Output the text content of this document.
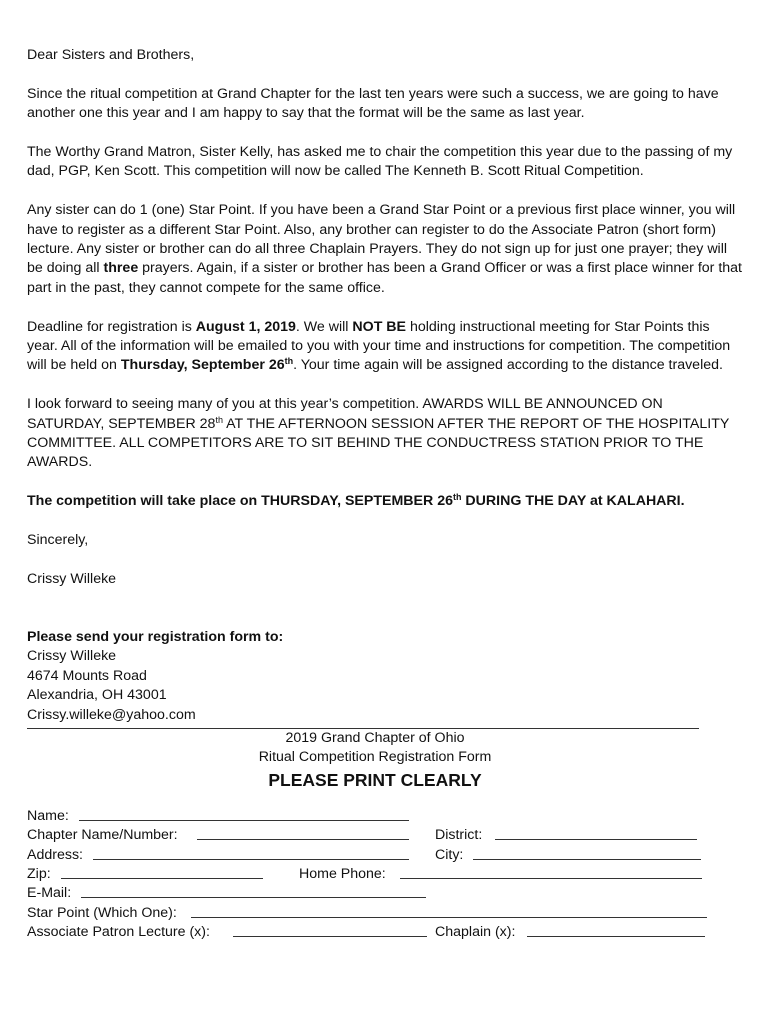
Dear Sisters and Brothers,

Since the ritual competition at Grand Chapter for the last ten years were such a success, we are going to have another one this year and I am happy to say that the format will be the same as last year.

The Worthy Grand Matron, Sister Kelly, has asked me to chair the competition this year due to the passing of my dad, PGP, Ken Scott. This competition will now be called The Kenneth B. Scott Ritual Competition.

Any sister can do 1 (one) Star Point. If you have been a Grand Star Point or a previous first place winner, you will have to register as a different Star Point. Also, any brother can register to do the Associate Patron (short form) lecture. Any sister or brother can do all three Chaplain Prayers. They do not sign up for just one prayer; they will be doing all three prayers. Again, if a sister or brother has been a Grand Officer or was a first place winner for that part in the past, they cannot compete for the same office.

Deadline for registration is August 1, 2019. We will NOT BE holding instructional meeting for Star Points this year. All of the information will be emailed to you with your time and instructions for competition. The competition will be held on Thursday, September 26th. Your time again will be assigned according to the distance traveled.

I look forward to seeing many of you at this year’s competition. AWARDS WILL BE ANNOUNCED ON SATURDAY, SEPTEMBER 28th AT THE AFTERNOON SESSION AFTER THE REPORT OF THE HOSPITALITY COMMITTEE. ALL COMPETITORS ARE TO SIT BEHIND THE CONDUCTRESS STATION PRIOR TO THE AWARDS.

The competition will take place on THURSDAY, SEPTEMBER 26th DURING THE DAY at KALAHARI.

Sincerely,

Crissy Willeke

Please send your registration form to:

Crissy Willeke

4674 Mounts Road

Alexandria, OH 43001

Crissy.willeke@yahoo.com

2019 Grand Chapter of Ohio

Ritual Competition Registration Form

PLEASE PRINT CLEARLY

Name:
Chapter Name/Number:	District:
Address:	City:
Zip:	Home Phone:
E-Mail:
Star Point (Which One):
Associate Patron Lecture (x):	Chaplain (x):
